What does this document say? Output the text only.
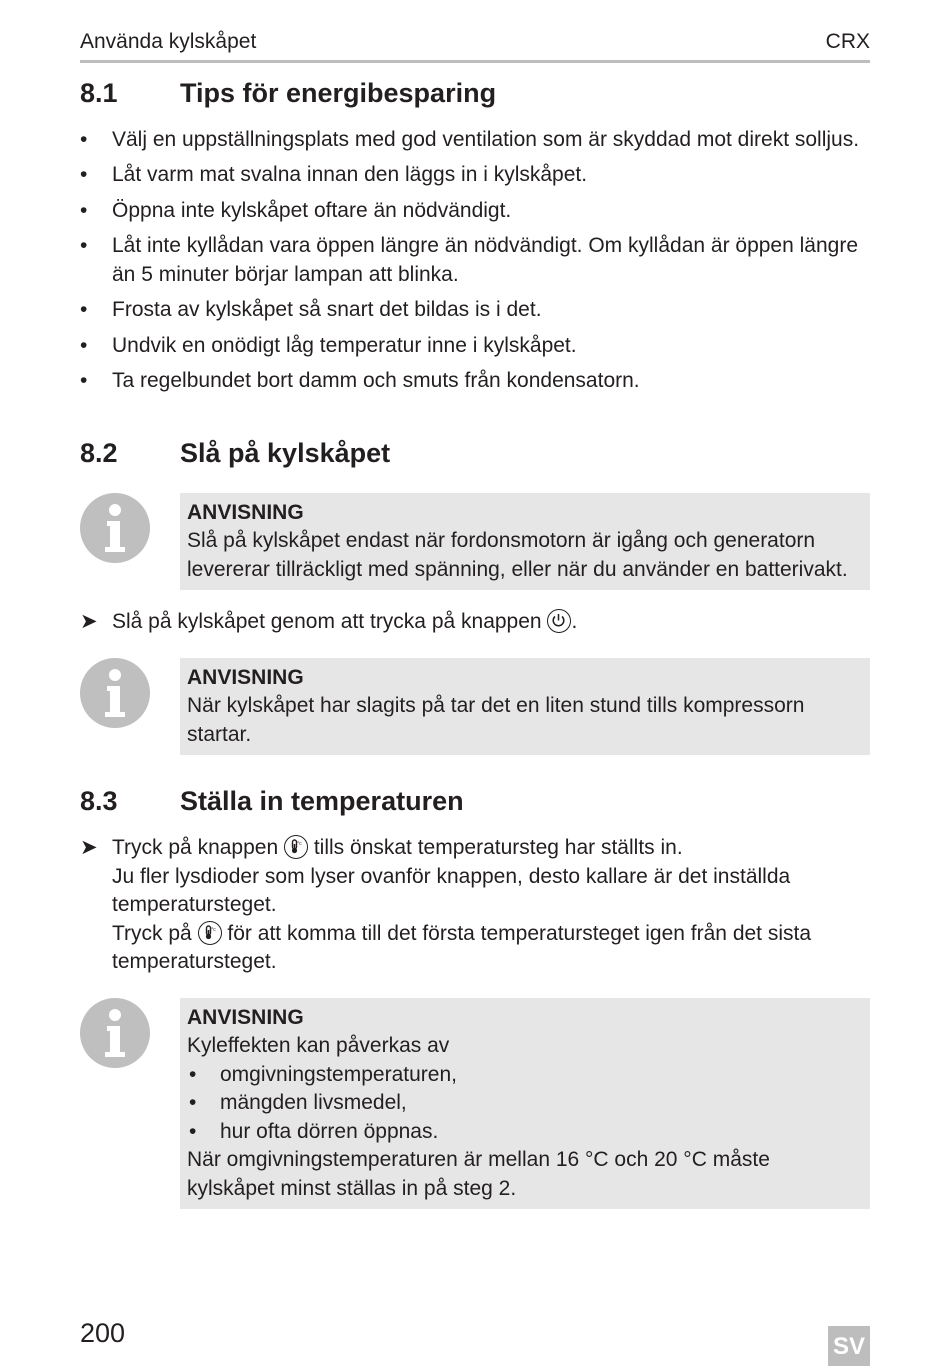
Använda kylskåpet	CRX
8.1 Tips för energibesparing
• Välj en uppställningsplats med god ventilation som är skyddad mot direkt solljus.
• Låt varm mat svalna innan den läggs in i kylskåpet.
• Öppna inte kylskåpet oftare än nödvändigt.
• Låt inte kyllådan vara öppen längre än nödvändigt. Om kyllådan är öppen längre än 5 minuter börjar lampan att blinka.
• Frosta av kylskåpet så snart det bildas is i det.
• Undvik en onödigt låg temperatur inne i kylskåpet.
• Ta regelbundet bort damm och smuts från kondensatorn.
8.2 Slå på kylskåpet
ANVISNING
Slå på kylskåpet endast när fordonsmotorn är igång och generatorn levererar tillräckligt med spänning, eller när du använder en batterivakt.
➤ Slå på kylskåpet genom att trycka på knappen .
ANVISNING
När kylskåpet har slagits på tar det en liten stund tills kompressorn startar.
8.3 Ställa in temperaturen
➤ Tryck på knappen	°c tills önskat temperatursteg har ställts in.
Ju fler lysdioder som lyser ovanför knappen, desto kallare är det inställda temperatursteget.
Tryck på	°c för att komma till det första temperatursteget igen från det sista temperatursteget.
ANVISNING
Kyleffekten kan påverkas av
• omgivningstemperaturen,
• mängden livsmedel,
• hur ofta dörren öppnas.
När omgivningstemperaturen är mellan 16 °C och 20 °C måste kylskåpet minst ställas in på steg 2.
200	SV
